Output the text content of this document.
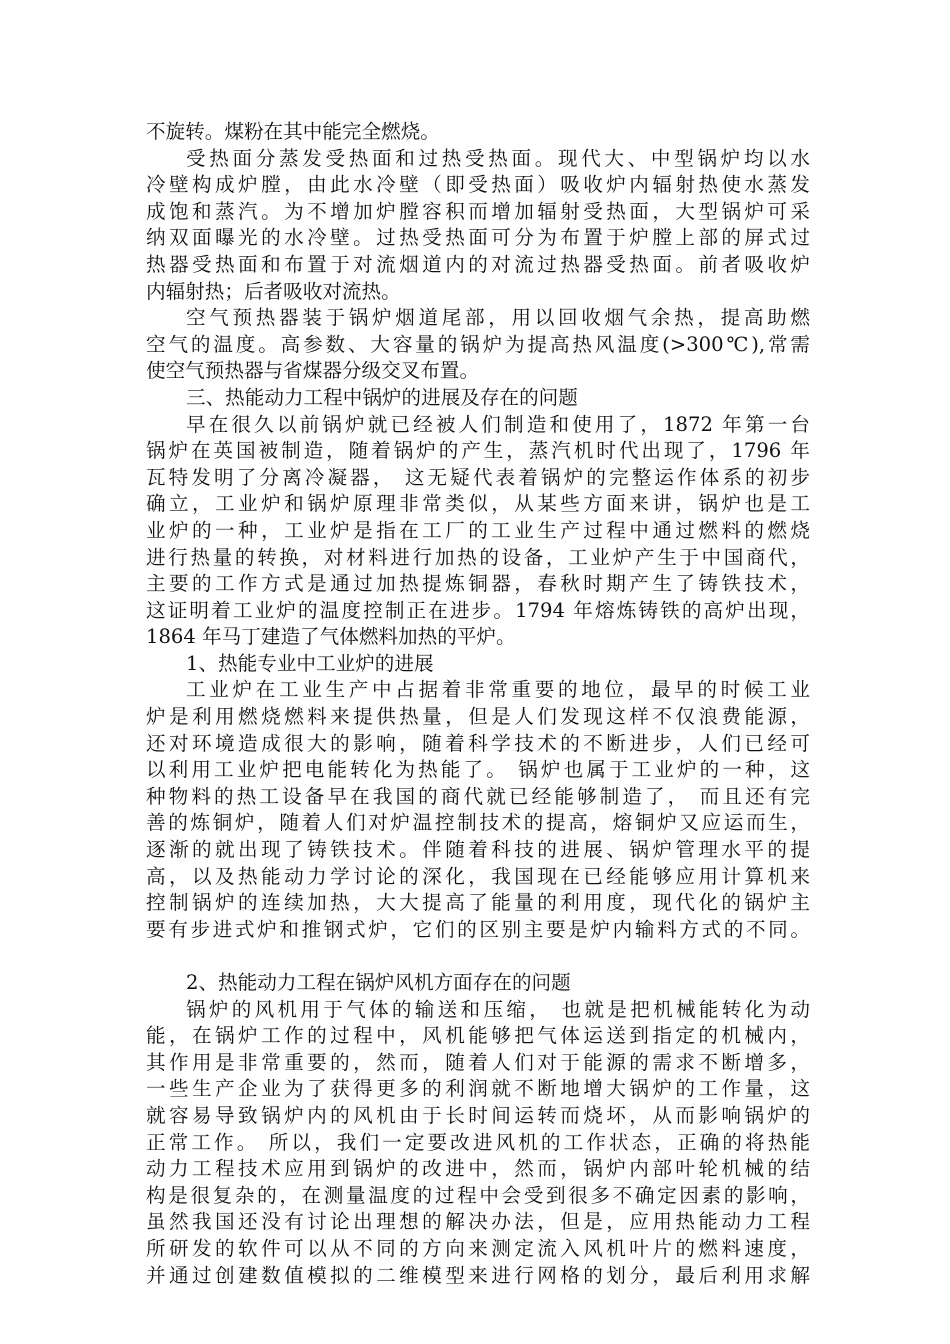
不旋转。煤粉在其中能完全燃烧。
受热面分蒸发受热面和过热受热面。现代大、中型锅炉均以水
冷壁构成炉膛，由此水冷壁（即受热面）吸收炉内辐射热使水蒸发
成饱和蒸汽。为不增加炉膛容积而增加辐射受热面，大型锅炉可采
纳双面曝光的水冷壁。过热受热面可分为布置于炉膛上部的屏式过
热器受热面和布置于对流烟道内的对流过热器受热面。前者吸收炉
内辐射热；后者吸收对流热。
空气预热器装于锅炉烟道尾部，用以回收烟气余热，提高助燃
空气的温度。高参数、大容量的锅炉为提高热风温度(>300℃),常需
使空气预热器与省煤器分级交叉布置。
三、热能动力工程中锅炉的进展及存在的问题
早在很久以前锅炉就已经被人们制造和使用了，1872 年第一台
锅炉在英国被制造，随着锅炉的产生，蒸汽机时代出现了，1796 年
瓦特发明了分离冷凝器， 这无疑代表着锅炉的完整运作体系的初步
确立，工业炉和锅炉原理非常类似，从某些方面来讲，锅炉也是工
业炉的一种，工业炉是指在工厂的工业生产过程中通过燃料的燃烧
进行热量的转换，对材料进行加热的设备，工业炉产生于中国商代，
主要的工作方式是通过加热提炼铜器，春秋时期产生了铸铁技术，
这证明着工业炉的温度控制正在进步。1794 年熔炼铸铁的高炉出现，
1864 年马丁建造了气体燃料加热的平炉。
1、热能专业中工业炉的进展
工业炉在工业生产中占据着非常重要的地位，最早的时候工业
炉是利用燃烧燃料来提供热量，但是人们发现这样不仅浪费能源，
还对环境造成很大的影响，随着科学技术的不断进步，人们已经可
以利用工业炉把电能转化为热能了。 锅炉也属于工业炉的一种，这
种物料的热工设备早在我国的商代就已经能够制造了， 而且还有完
善的炼铜炉，随着人们对炉温控制技术的提高，熔铜炉又应运而生，
逐渐的就出现了铸铁技术。伴随着科技的进展、锅炉管理水平的提
高，以及热能动力学讨论的深化，我国现在已经能够应用计算机来
控制锅炉的连续加热，大大提高了能量的利用度，现代化的锅炉主
要有步进式炉和推钢式炉，它们的区别主要是炉内输料方式的不同。
2、热能动力工程在锅炉风机方面存在的问题
锅炉的风机用于气体的输送和压缩， 也就是把机械能转化为动
能，在锅炉工作的过程中，风机能够把气体运送到指定的机械内，
其作用是非常重要的，然而，随着人们对于能源的需求不断增多，
一些生产企业为了获得更多的利润就不断地增大锅炉的工作量，这
就容易导致锅炉内的风机由于长时间运转而烧坏，从而影响锅炉的
正常工作。 所以，我们一定要改进风机的工作状态，正确的将热能
动力工程技术应用到锅炉的改进中，然而，锅炉内部叶轮机械的结
构是很复杂的，在测量温度的过程中会受到很多不确定因素的影响，
虽然我国还没有讨论出理想的解决办法，但是，应用热能动力工程
所研发的软件可以从不同的方向来测定流入风机叶片的燃料速度，
并通过创建数值模拟的二维模型来进行网格的划分，最后利用求解
